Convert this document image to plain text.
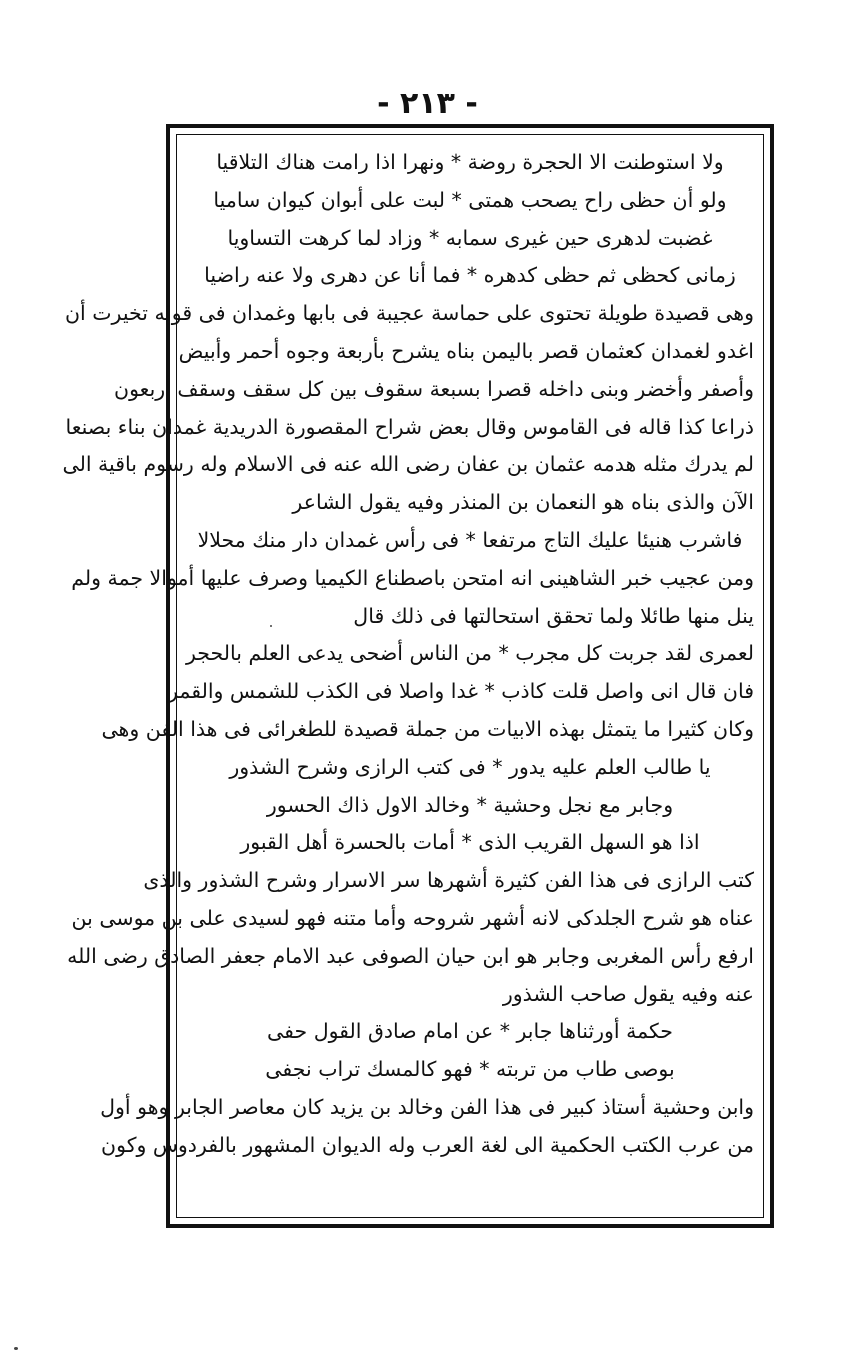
- ٢١٣ -
ولا استوطنت الا الحجرة روضة * ونهرا اذا رامت هناك التلاقيا
ولو أن حظى راح يصحب همتى * لبت على أبوان كيوان ساميا
غضبت لدهرى حين غيرى سمابه * وزاد لما كرهت التساويا
زمانى كحظى ثم حظى كدهره * فما أنا عن دهرى ولا عنه راضيا
وهى قصيدة طويلة تحتوى على حماسة عجيبة فى بابها وغمدان فى قوله تخيرت أن
اغدو لغمدان كعثمان قصر باليمن بناه يشرح بأربعة وجوه أحمر وأبيض
وأصفر وأخضر وبنى داخله قصرا بسبعة سقوف بين كل سقف وسقف أربعون
ذراعا كذا قاله فى القاموس وقال بعض شراح المقصورة الدريدية غمدان بناء بصنعا
لم يدرك مثله هدمه عثمان بن عفان رضى الله عنه فى الاسلام وله رسوم باقية الى
الآن والذى بناه هو النعمان بن المنذر وفيه يقول الشاعر
فاشرب هنيئا عليك التاج مرتفعا * فى رأس غمدان دار منك محلالا
ومن عجيب خبر الشاهينى انه امتحن باصطناع الكيميا وصرف عليها أموالا جمة ولم
ينل منها طائلا ولما تحقق استحالتها فى ذلك قال
لعمرى لقد جربت كل مجرب * من الناس أضحى يدعى العلم بالحجر
فان قال انى واصل قلت كاذب * غدا واصلا فى الكذب للشمس والقمر
وكان كثيرا ما يتمثل بهذه الابيات من جملة قصيدة للطغرائى فى هذا الفن وهى
يا طالب العلم عليه يدور * فى كتب الرازى وشرح الشذور
وجابر مع نجل وحشية * وخالد الاول ذاك الحسور
اذا هو السهل القريب الذى * أمات بالحسرة أهل القبور
كتب الرازى فى هذا الفن كثيرة أشهرها سر الاسرار وشرح الشذور والذى
عناه هو شرح الجلدكى لانه أشهر شروحه وأما متنه فهو لسيدى على بن موسى بن
ارفع رأس المغربى وجابر هو ابن حيان الصوفى عبد الامام جعفر الصادق رضى الله
عنه وفيه يقول صاحب الشذور
حكمة أورثناها جابر * عن امام صادق القول حفى
بوصى طاب من تربته * فهو كالمسك تراب نجفى
وابن وحشية أستاذ كبير فى هذا الفن وخالد بن يزيد كان معاصر الجابر وهو أول
من عرب الكتب الحكمية الى لغة العرب وله الديوان المشهور بالفردوس وكون
